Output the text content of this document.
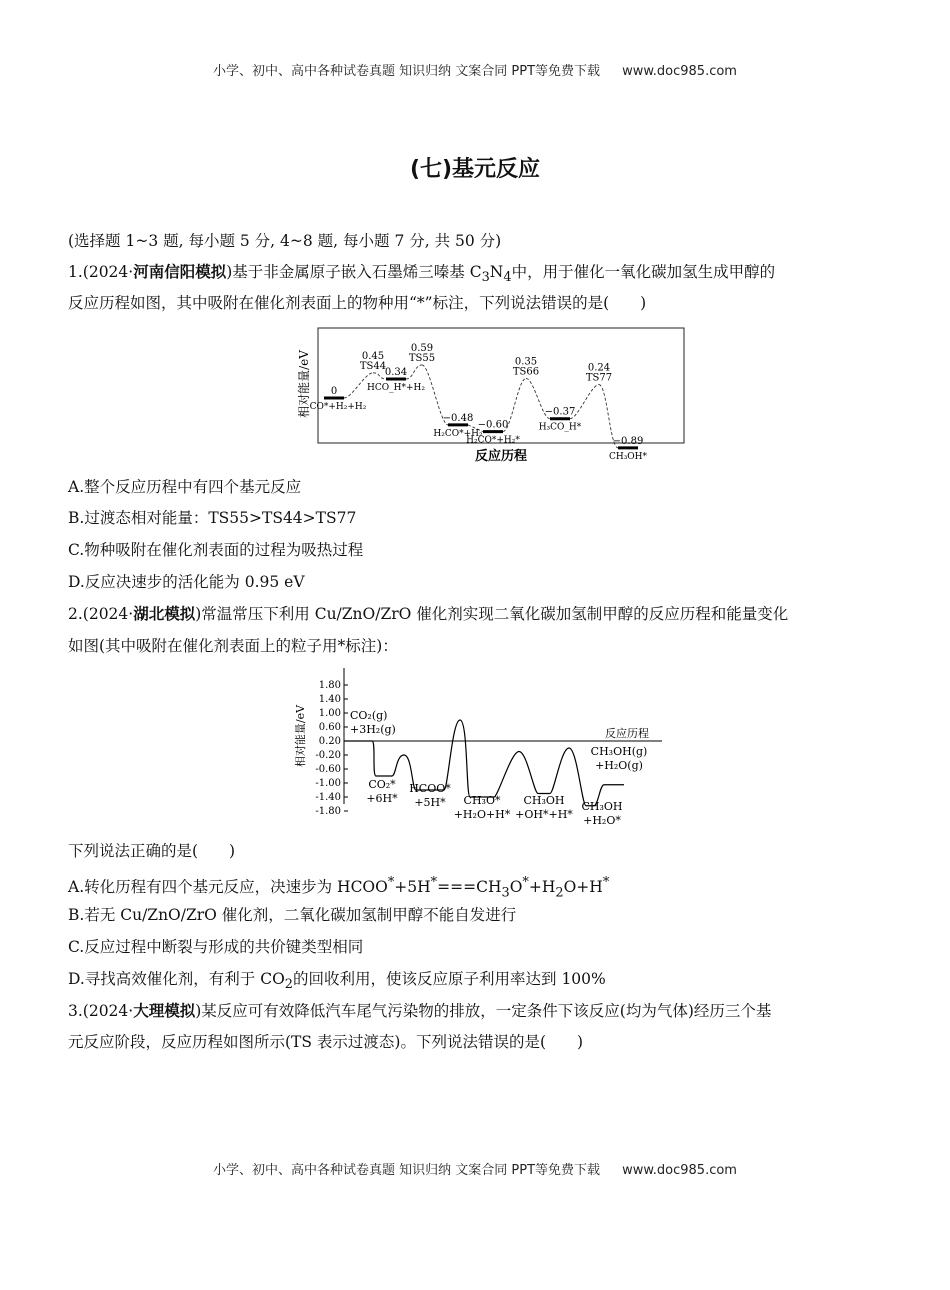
小学、初中、高中各种试卷真题 知识归纳 文案合同 PPT等免费下载 www.doc985.com
(七)基元反应
(选择题 1~3 题, 每小题 5 分, 4~8 题, 每小题 7 分, 共 50 分)
1.(2024·河南信阳模拟)基于非金属原子嵌入石墨烯三嗪基 $C_3N_4$中，用于催化一氧化碳加氢生成甲醇的
反应历程如图，其中吸附在催化剂表面上的物种用“*”标注，下列说法错误的是(　　)
相对能量/eV
反应历程
0
CO*+H₂+H₂
0.45
TS44
0.34
HCO_H*+H₂
0.59
TS55
−0.48
H₂CO*+H₂
−0.60
H₂CO*+H₂*
0.35
TS66
−0.37
H₃CO_H*
0.24
TS77
−0.89
CH₃OH*
A.整个反应历程中有四个基元反应
B.过渡态相对能量：TS55>TS44>TS77
C.物种吸附在催化剂表面的过程为吸热过程
D.反应决速步的活化能为 0.95 eV
2.(2024·湖北模拟)常温常压下利用 Cu/ZnO/ZrO 催化剂实现二氧化碳加氢制甲醇的反应历程和能量变化
如图(其中吸附在催化剂表面上的粒子用*标注)：
1.80
1.40
1.00
0.60
0.20
-0.20
-0.60
-1.00
-1.40
-1.80
相对能量/eV	反应历程
CO₂(g)
+3H₂(g)
CO₂*
+6H*
HCOO*
+5H* CH₃O*
+H₂O+H*
CH₃OH
+OH*+H*
CH₃OH
+H₂O*
CH₃OH(g)
+H₂O(g)
下列说法正确的是(　　)
A.转化历程有四个基元反应，决速步为 $HCOO^*+5H^*===CH_3O^*+H_2O+H^*$
B.若无 Cu/ZnO/ZrO 催化剂，二氧化碳加氢制甲醇不能自发进行
C.反应过程中断裂与形成的共价键类型相同
D.寻找高效催化剂，有利于 $CO_2$的回收利用，使该反应原子利用率达到 100%
3.(2024·大理模拟)某反应可有效降低汽车尾气污染物的排放，一定条件下该反应(均为气体)经历三个基
元反应阶段，反应历程如图所示(TS 表示过渡态)。下列说法错误的是(　　)
小学、初中、高中各种试卷真题 知识归纳 文案合同 PPT等免费下载 www.doc985.com
